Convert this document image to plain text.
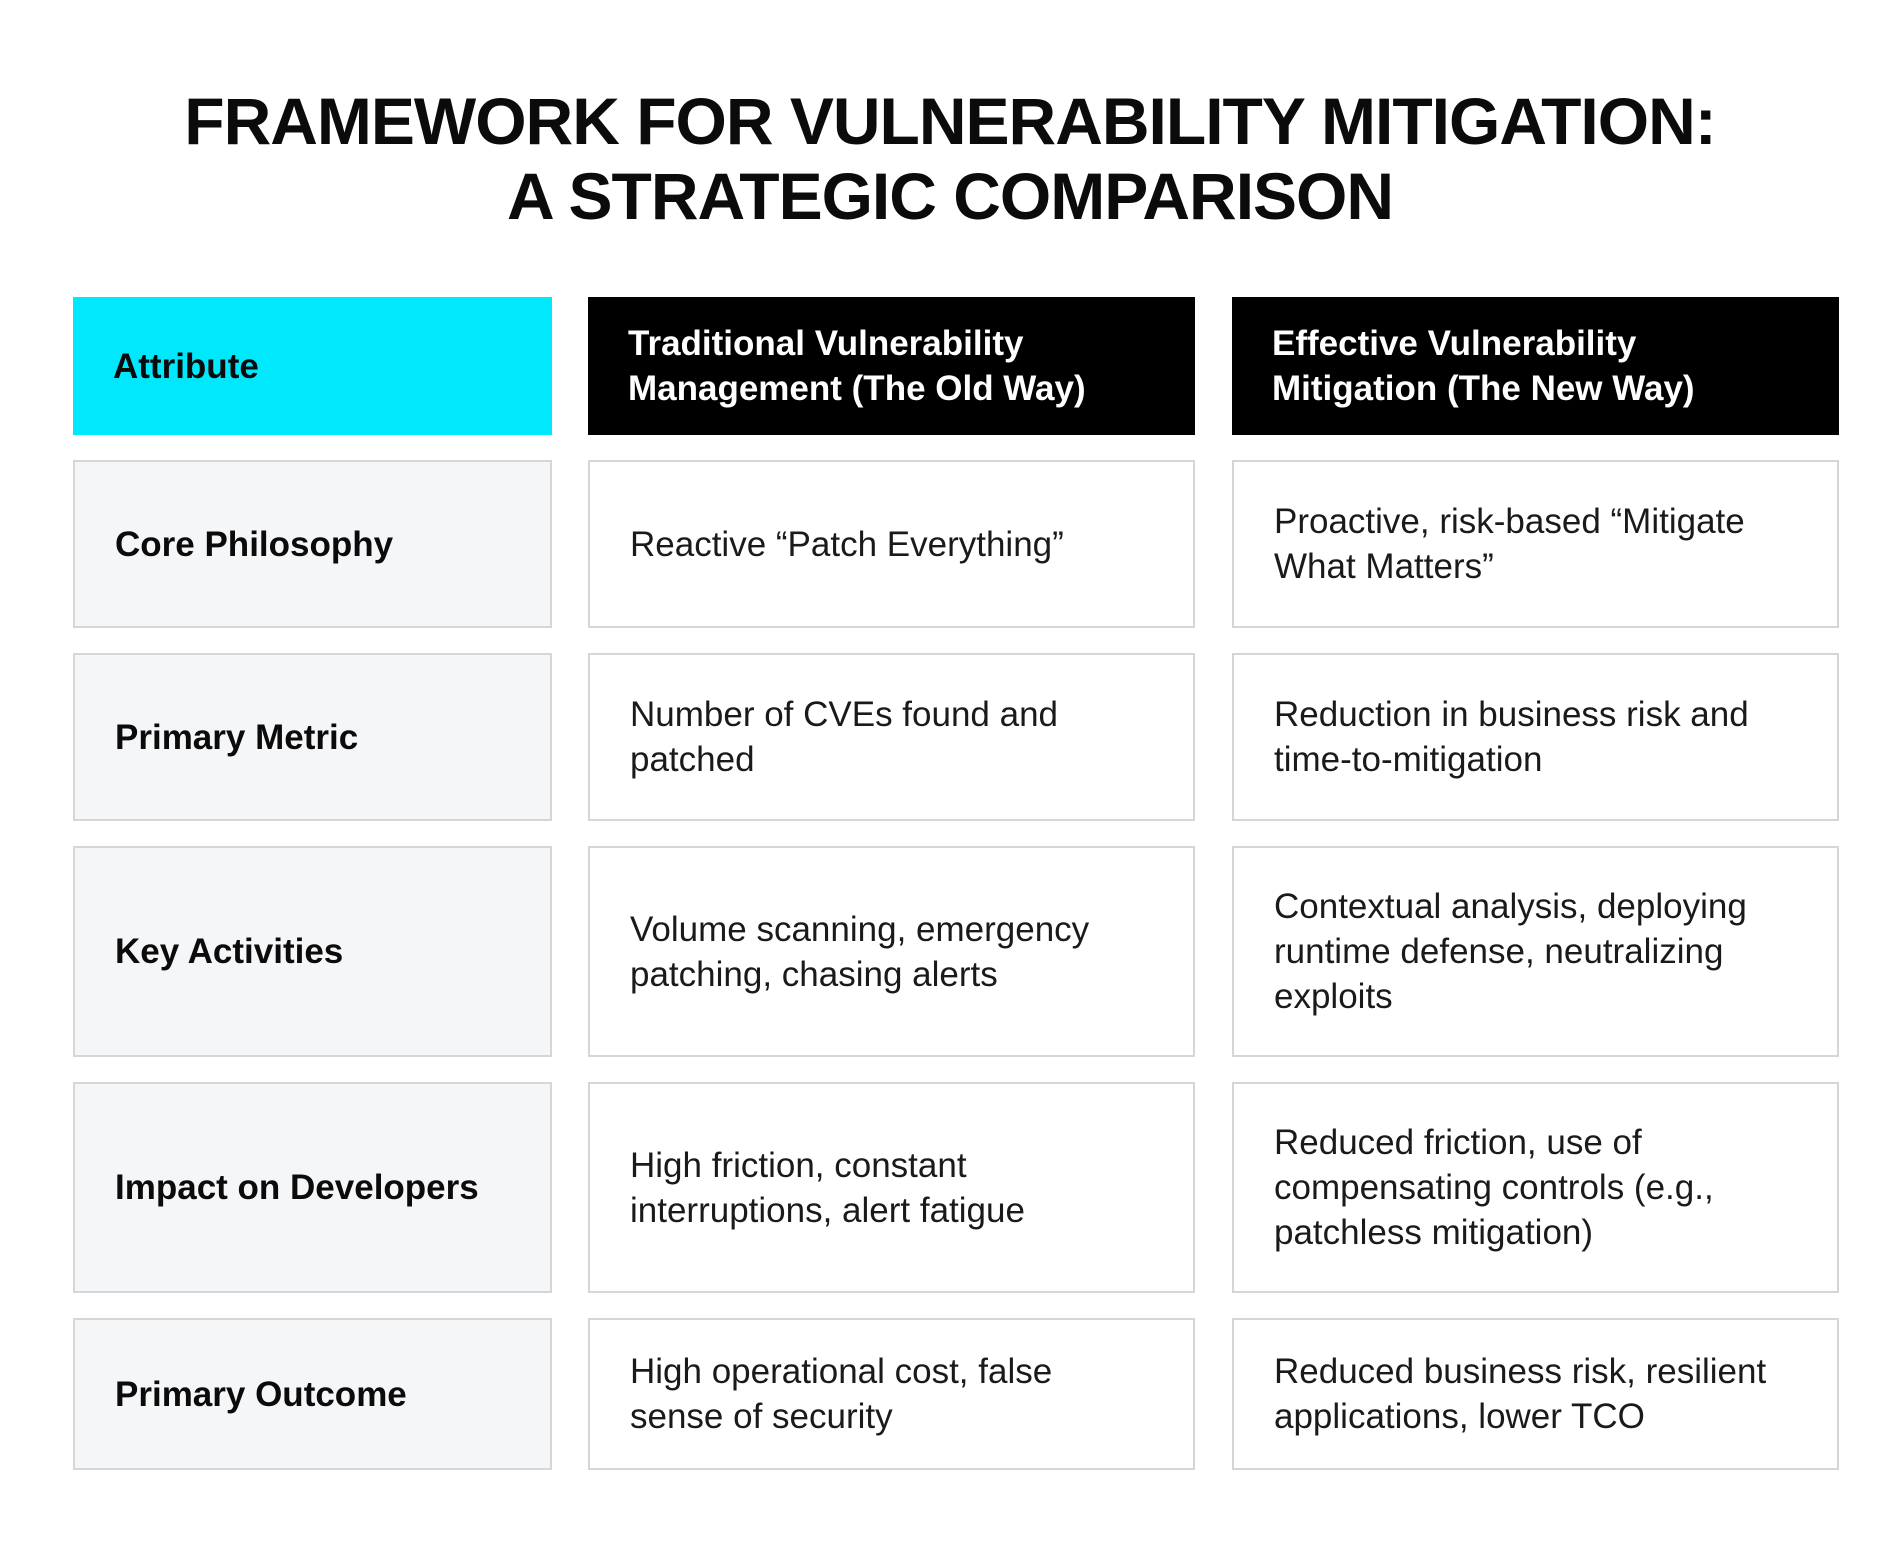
FRAMEWORK FOR VULNERABILITY MITIGATION:
A STRATEGIC COMPARISON
Attribute
Traditional Vulnerability Management (The Old Way)
Effective Vulnerability Mitigation (The New Way)
Core Philosophy	Reactive “Patch Everything”
Proactive, risk-based “Mitigate What Matters”
Primary Metric
Number of CVEs found and patched
Reduction in business risk and time-to-mitigation
Key Activities
Volume scanning, emergency patching, chasing alerts
Contextual analysis, deploying runtime defense, neutralizing exploits
Impact on Developers
High friction, constant interruptions, alert fatigue
Reduced friction, use of compensating controls (e.g., patchless mitigation)
Primary Outcome
High operational cost, false sense of security
Reduced business risk, resilient applications, lower TCO
